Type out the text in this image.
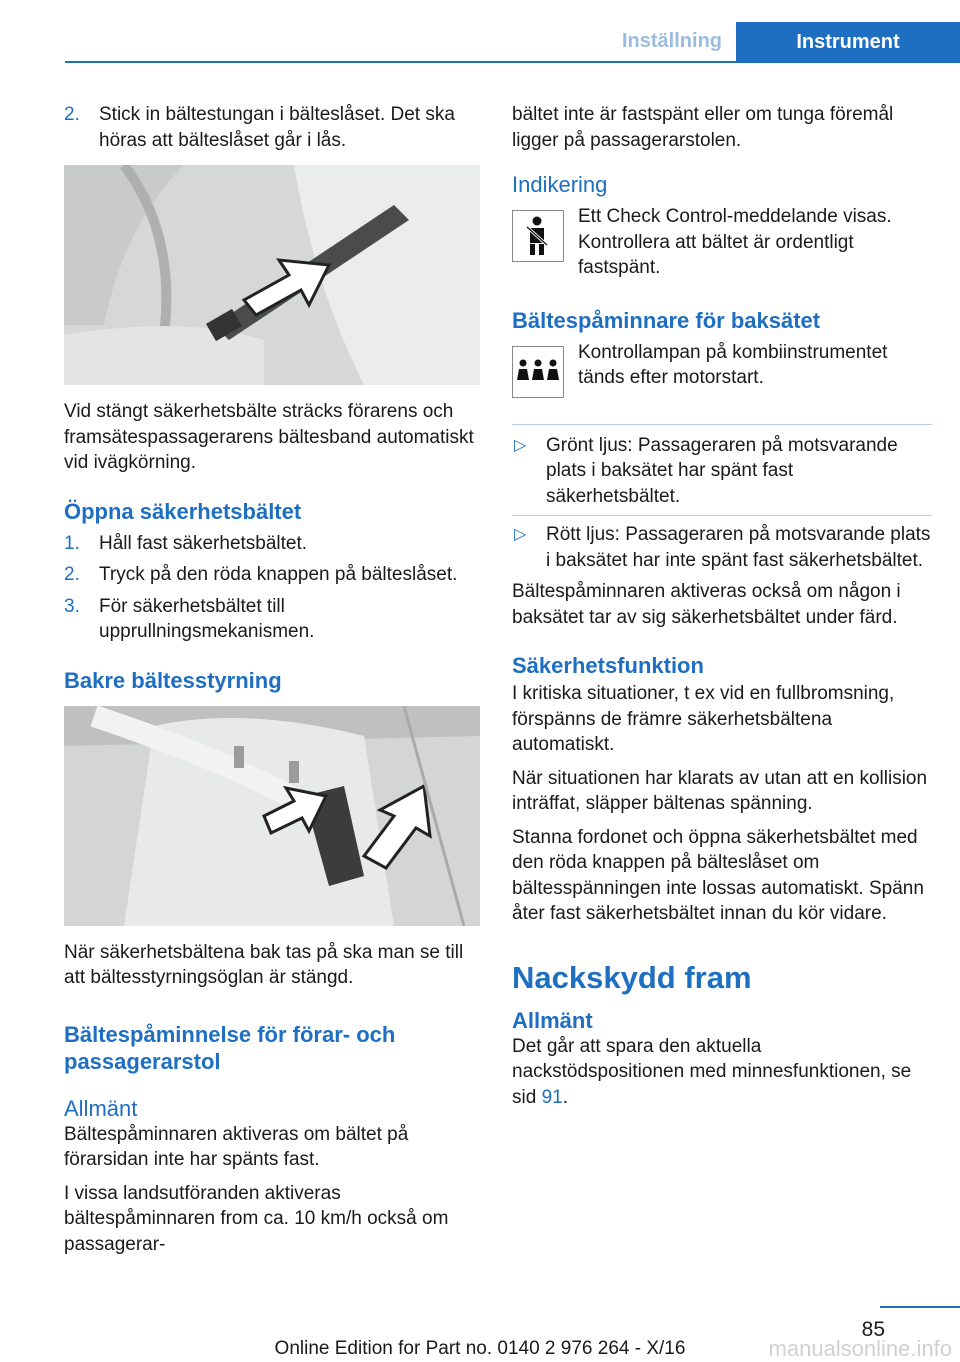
Inställning	Instrument
2. Stick in bältestungan i bälteslåset. Det ska höras att bälteslåset går i lås.

Vid stängt säkerhetsbälte sträcks förarens och framsätespassagerarens bältesband automatiskt vid ivägkörning.

Öppna säkerhetsbältet
1. Håll fast säkerhetsbältet.
2. Tryck på den röda knappen på bälteslåset.
3. För säkerhetsbältet till upprullningsmekanismen.
Bakre bältesstyrning

När säkerhetsbältena bak tas på ska man se till att bältesstyrningsöglan är stängd.

Bältespåminnelse för förar- och passagerarstol
Allmänt

Bältespåminnaren aktiveras om bältet på förarsidan inte har spänts fast.

I vissa landsutföranden aktiveras bältespåminnaren from ca. 10 km/h också om passagerar-

bältet inte är fastspänt eller om tunga föremål ligger på passagerarstolen.

Indikering

Ett Check Control-meddelande visas. Kontrollera att bältet är ordentligt fastspänt.

Bältespåminnare för baksätet

Kontrollampan på kombiinstrumentet tänds efter motorstart.

▷ Grönt ljus: Passageraren på motsvarande plats i baksätet har spänt fast säkerhetsbältet.
▷ Rött ljus: Passageraren på motsvarande plats i baksätet har inte spänt fast säkerhetsbältet.

Bältespåminnaren aktiveras också om någon i baksätet tar av sig säkerhetsbältet under färd.

Säkerhetsfunktion

I kritiska situationer, t ex vid en fullbromsning, förspänns de främre säkerhetsbältena automatiskt.

När situationen har klarats av utan att en kollision inträffat, släpper bältenas spänning.

Stanna fordonet och öppna säkerhetsbältet med den röda knappen på bälteslåset om bältesspänningen inte lossas automatiskt. Spänn åter fast säkerhetsbältet innan du kör vidare.

Nackskydd fram
Allmänt

Det går att spara den aktuella nackstödspositionen med minnesfunktionen, se sid 91.

85
Online Edition for Part no. 0140 2 976 264 - X/16	manualsonline.info
